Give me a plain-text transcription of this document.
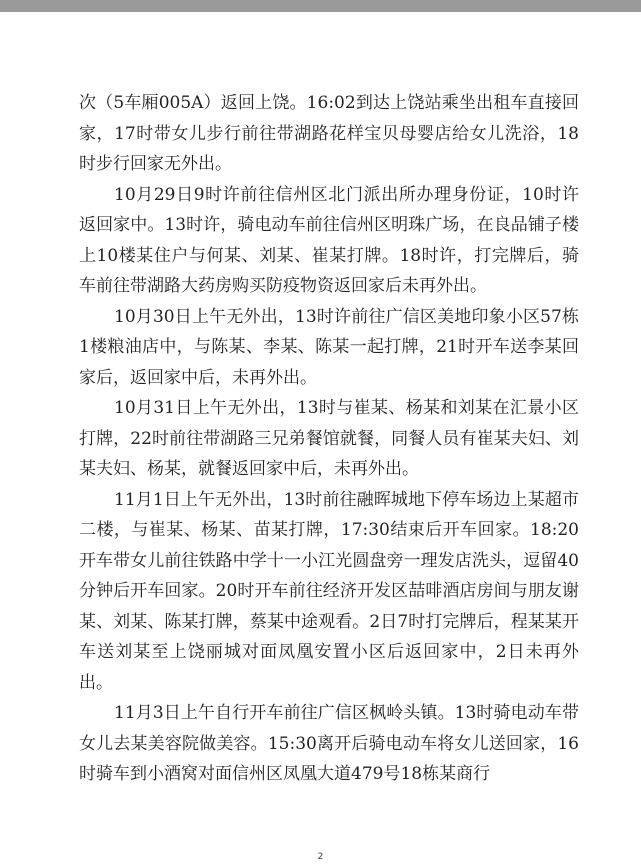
次（5车厢005A）返回上饶。16:02到达上饶站乘坐出租车直接回家，17时带女儿步行前往带湖路花样宝贝母婴店给女儿洗浴，18时步行回家无外出。

10月29日9时许前往信州区北门派出所办理身份证，10时许返回家中。13时许，骑电动车前往信州区明珠广场，在良品铺子楼上10楼某住户与何某、刘某、崔某打牌。18时许，打完牌后，骑车前往带湖路大药房购买防疫物资返回家后未再外出。

10月30日上午无外出，13时许前往广信区美地印象小区57栋1楼粮油店中，与陈某、李某、陈某一起打牌，21时开车送李某回家后，返回家中后，未再外出。

10月31日上午无外出，13时与崔某、杨某和刘某在汇景小区打牌，22时前往带湖路三兄弟餐馆就餐，同餐人员有崔某夫妇、刘某夫妇、杨某，就餐返回家中后，未再外出。

11月1日上午无外出，13时前往融晖城地下停车场边上某超市二楼，与崔某、杨某、苗某打牌，17:30结束后开车回家。18:20开车带女儿前往铁路中学十一小江光圆盘旁一理发店洗头，逗留40分钟后开车回家。20时开车前往经济开发区喆啡酒店房间与朋友谢某、刘某、陈某打牌，蔡某中途观看。2日7时打完牌后，程某某开车送刘某至上饶丽城对面凤凰安置小区后返回家中，2日未再外出。

11月3日上午自行开车前往广信区枫岭头镇。13时骑电动车带女儿去某美容院做美容。15:30离开后骑电动车将女儿送回家，16时骑车到小酒窝对面信州区凤凰大道479号18栋某商行

2
